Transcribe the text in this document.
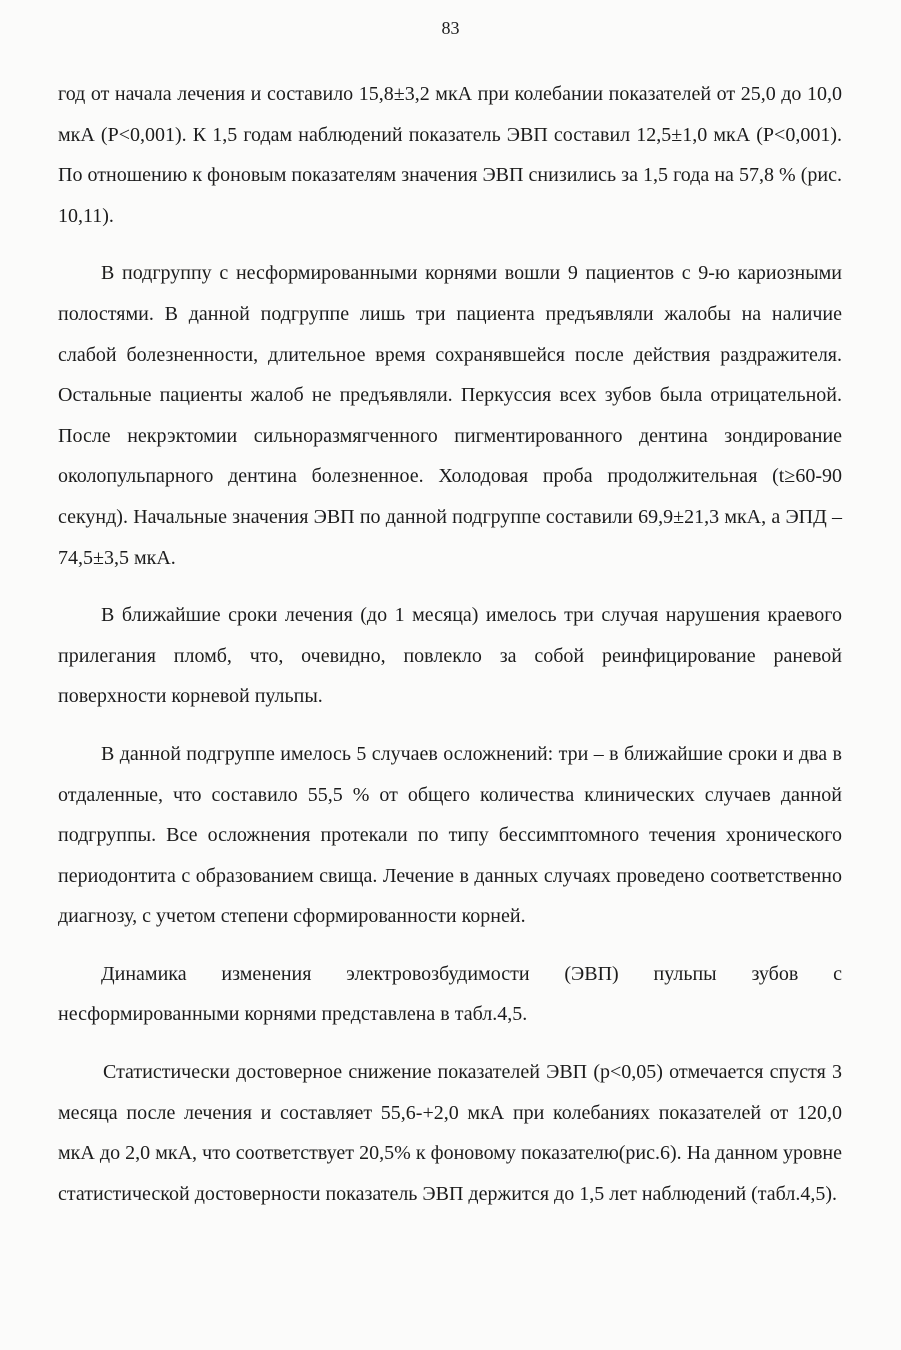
83

год от начала лечения и составило 15,8±3,2 мкА при колебании показателей от 25,0 до 10,0 мкА (Р<0,001). К 1,5 годам наблюдений показатель ЭВП составил 12,5±1,0 мкА (Р<0,001). По отношению к фоновым показателям значения ЭВП снизились за 1,5 года на 57,8 % (рис. 10,11).

В подгруппу с несформированными корнями вошли 9 пациентов с 9-ю кариозными полостями. В данной подгруппе лишь три пациента предъявляли жалобы на наличие слабой болезненности, длительное время сохранявшейся после действия раздражителя. Остальные пациенты жалоб не предъявляли. Перкуссия всех зубов была отрицательной. После некрэктомии сильноразмягченного пигментированного дентина зондирование околопульпарного дентина болезненное. Холодовая проба продолжительная (t≥60-90 секунд). Начальные значения ЭВП по данной подгруппе составили 69,9±21,3 мкА, а ЭПД – 74,5±3,5 мкА.

В ближайшие сроки лечения (до 1 месяца) имелось три случая нарушения краевого прилегания пломб, что, очевидно, повлекло за собой реинфицирование раневой поверхности корневой пульпы.

В данной подгруппе имелось 5 случаев осложнений: три – в ближайшие сроки и два в отдаленные, что составило 55,5 % от общего количества клинических случаев данной подгруппы. Все осложнения протекали по типу бессимптомного течения хронического периодонтита с образованием свища. Лечение в данных случаях проведено соответственно диагнозу, с учетом степени сформированности корней.

Динамика изменения электровозбудимости (ЭВП) пульпы зубов с несформированными корнями представлена в табл.4,5.

Статистически достоверное снижение показателей ЭВП (p<0,05) отмечается спустя 3 месяца после лечения и составляет 55,6-+2,0 мкА при колебаниях показателей от 120,0 мкА до 2,0 мкА, что соответствует 20,5% к фоновому показателю(рис.6). На данном уровне статистической достоверности показатель ЭВП держится до 1,5 лет наблюдений (табл.4,5).
